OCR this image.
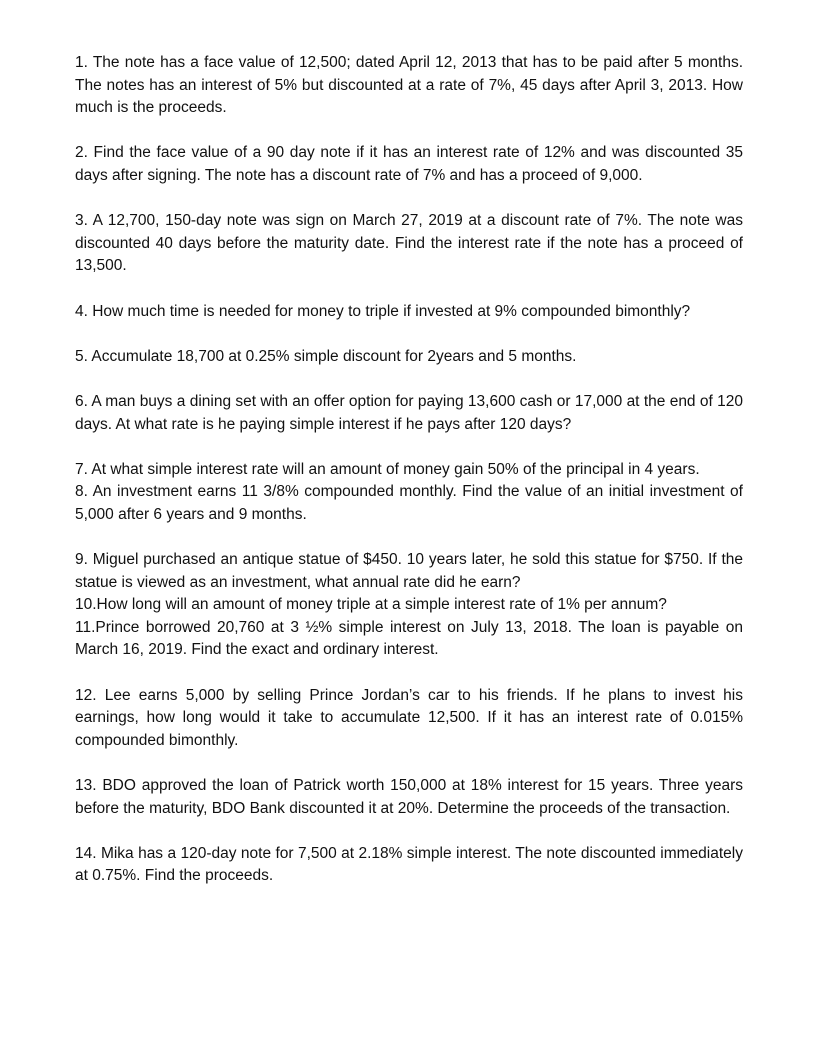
1. The note has a face value of 12,500; dated April 12, 2013 that has to be paid after 5 months. The notes has an interest of 5% but discounted at a rate of 7%, 45 days after April 3, 2013. How much is the proceeds.

2. Find the face value of a 90 day note if it has an interest rate of 12% and was discounted 35 days after signing. The note has a discount rate of 7% and has a proceed of 9,000.

3. A 12,700, 150-day note was sign on March 27, 2019 at a discount rate of 7%. The note was discounted 40 days before the maturity date. Find the interest rate if the note has a proceed of 13,500.

4. How much time is needed for money to triple if invested at 9% compounded bimonthly?

5. Accumulate 18,700 at 0.25% simple discount for 2years and 5 months.

6. A man buys a dining set with an offer option for paying 13,600 cash or 17,000 at the end of 120 days. At what rate is he paying simple interest if he pays after 120 days?

7. At what simple interest rate will an amount of money gain 50% of the principal in 4 years.

8. An investment earns 11 3/8% compounded monthly. Find the value of an initial investment of 5,000 after 6 years and 9 months.

9. Miguel purchased an antique statue of $450. 10 years later, he sold this statue for $750. If the statue is viewed as an investment, what annual rate did he earn?

10.How long will an amount of money triple at a simple interest rate of 1% per annum?

11.Prince borrowed 20,760 at 3 ½% simple interest on July 13, 2018. The loan is payable on March 16, 2019. Find the exact and ordinary interest.

12. Lee earns 5,000 by selling Prince Jordan’s car to his friends. If he plans to invest his earnings, how long would it take to accumulate 12,500. If it has an interest rate of 0.015% compounded bimonthly.

13. BDO approved the loan of Patrick worth 150,000 at 18% interest for 15 years. Three years before the maturity, BDO Bank discounted it at 20%. Determine the proceeds of the transaction.

14. Mika has a 120-day note for 7,500 at 2.18% simple interest. The note discounted immediately at 0.75%. Find the proceeds.
